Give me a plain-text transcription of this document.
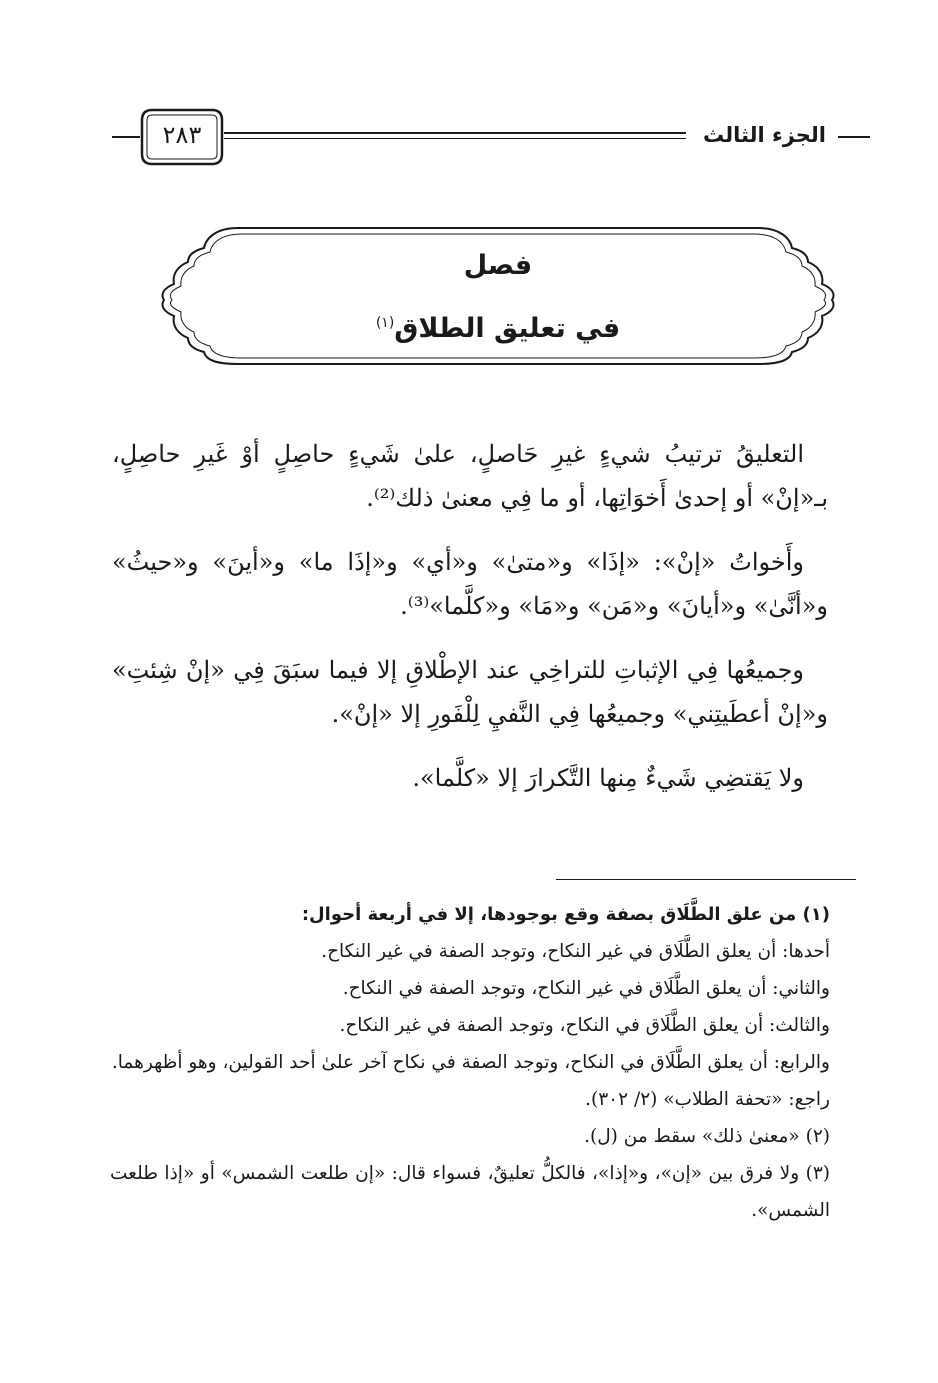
الجزء الثالث
٢٨٣
فصل
في تعليق الطلاق$^{(١)}$

التعليقُ ترتيبُ شيءٍ غيرِ حَاصلٍ، علىٰ شَيءٍ حاصِلٍ أوْ غَيرِ حاصِلٍ، بـ«إنْ» أو إحدىٰ أَخوَاتِها، أو ما فِي معنىٰ ذلك⁽²⁾.

وأَخواتُ «إنْ»: «إذَا» و«متىٰ» و«أي» و«إذَا ما» و«أينَ» و«حيثُ» و«أنَّىٰ» و«أيانَ» و«مَن» و«مَا» و«كلَّما»⁽³⁾.

وجميعُها فِي الإثباتِ للتراخِي عند الإطْلاقِ إلا فيما سبَقَ فِي «إنْ شِئتِ» و«إنْ أعطَيتِني» وجميعُها فِي النَّفيِ لِلْفَورِ إلا «إنْ».

ولا يَقتضِي شَيءٌ مِنها التَّكرارَ إلا «كلَّما».

(١) من علق الطَّلَاق بصفة وقع بوجودها، إلا في أربعة أحوال:

أحدها: أن يعلق الطَّلَاق في غير النكاح، وتوجد الصفة في غير النكاح.

والثاني: أن يعلق الطَّلَاق في غير النكاح، وتوجد الصفة في النكاح.

والثالث: أن يعلق الطَّلَاق في النكاح، وتوجد الصفة في غير النكاح.

والرابع: أن يعلق الطَّلَاق في النكاح، وتوجد الصفة في نكاح آخر علىٰ أحد القولين، وهو أظهرهما.

راجع: «تحفة الطلاب» (٢/ ٣٠٢).

(٢) «معنىٰ ذلك» سقط من (ل).

(٣) ولا فرق بين «إن»، و«إذا»، فالكلُّ تعليقٌ، فسواء قال: «إن طلعت الشمس» أو «إذا طلعت الشمس».
